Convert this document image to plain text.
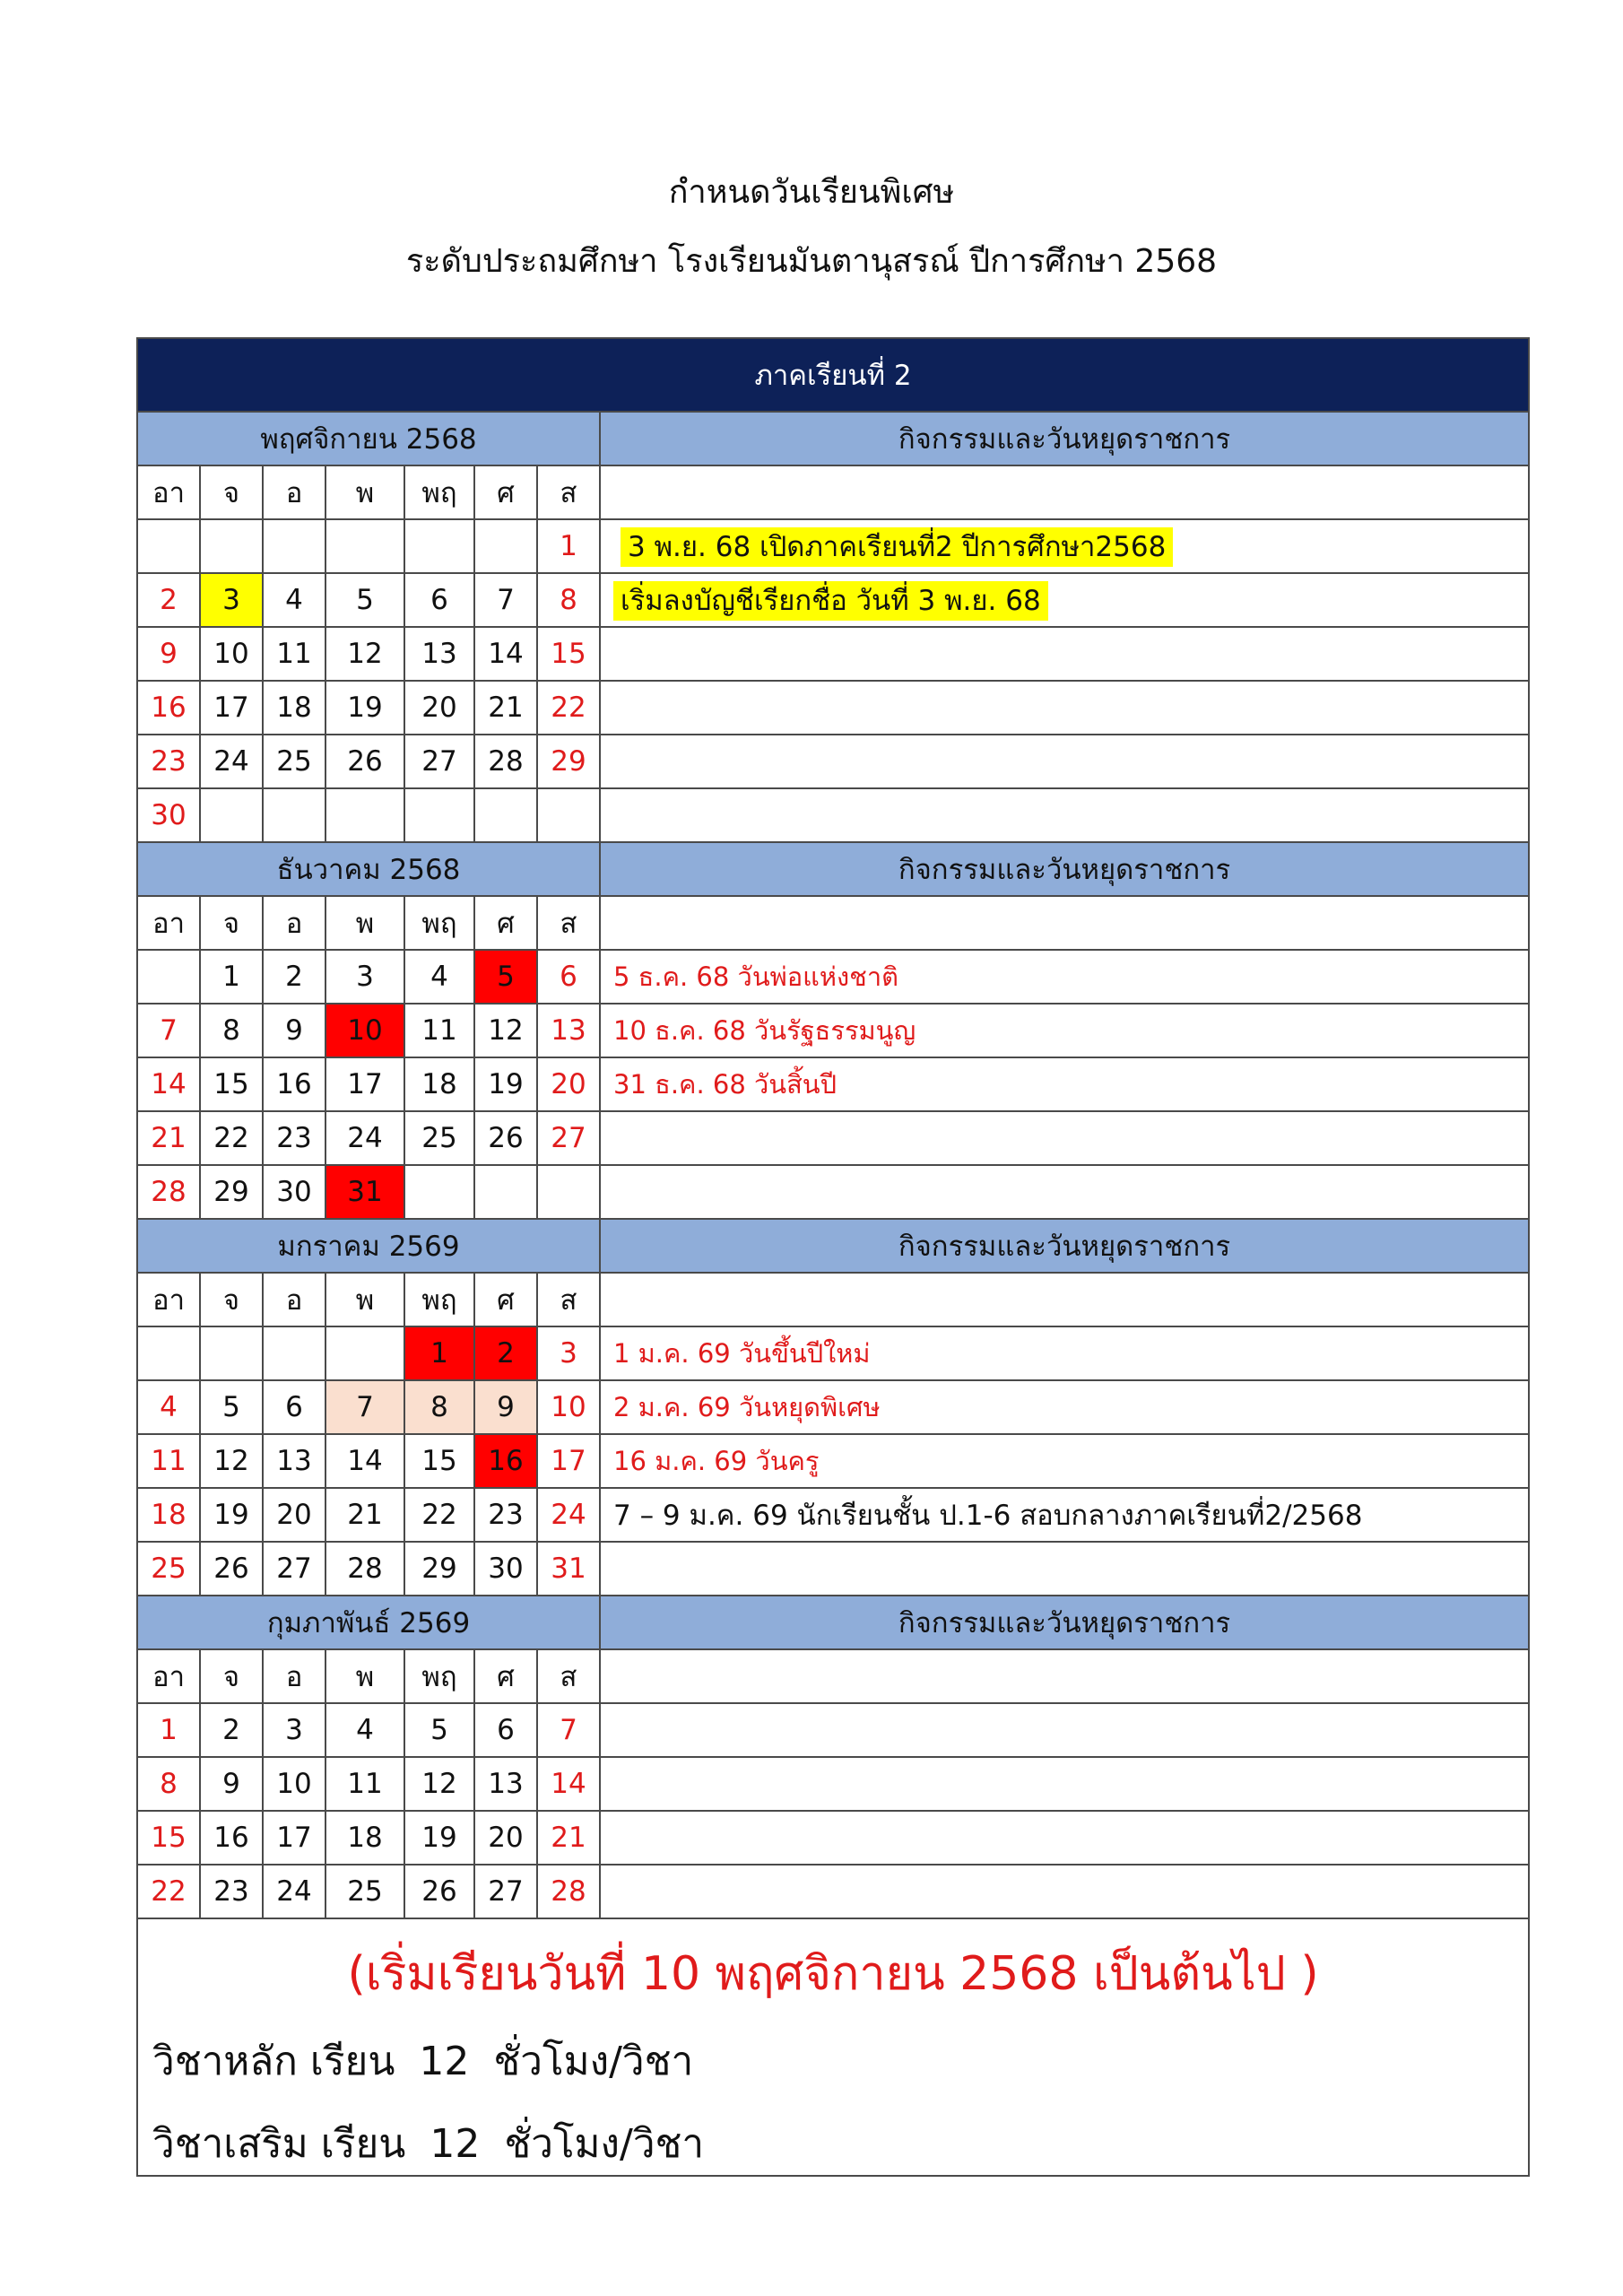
กำหนดวันเรียนพิเศษ
ระดับประถมศึกษา โรงเรียนมันตานุสรณ์ ปีการศึกษา 2568
ภาคเรียนที่ 2							
พฤศจิกายน 2568							กิจกรรมและวันหยุดราชการ
อา	จ	อ	พ	พฤ	ศ	ส	
						1	3 พ.ย. 68 เปิดภาคเรียนที่2 ปีการศึกษา2568
2	3	4	5	6	7	8	เริ่มลงบัญชีเรียกชื่อ วันที่ 3 พ.ย. 68
9	10	11	12	13	14	15	
16	17	18	19	20	21	22	
23	24	25	26	27	28	29	
30							
ธันวาคม 2568							กิจกรรมและวันหยุดราชการ
อา	จ	อ	พ	พฤ	ศ	ส	
	1	2	3	4	5	6	5 ธ.ค. 68 วันพ่อแห่งชาติ
7	8	9	10	11	12	13	10 ธ.ค. 68 วันรัฐธรรมนูญ
14	15	16	17	18	19	20	31 ธ.ค. 68 วันสิ้นปี
21	22	23	24	25	26	27	
28	29	30	31				
มกราคม 2569							กิจกรรมและวันหยุดราชการ
อา	จ	อ	พ	พฤ	ศ	ส	
				1	2	3	1 ม.ค. 69 วันขึ้นปีใหม่
4	5	6	7	8	9	10	2 ม.ค. 69 วันหยุดพิเศษ
11	12	13	14	15	16	17	16 ม.ค. 69 วันครู
18	19	20	21	22	23	24	7 – 9 ม.ค. 69 นักเรียนชั้น ป.1-6 สอบกลางภาคเรียนที่2/2568
25	26	27	28	29	30	31	
กุมภาพันธ์ 2569							กิจกรรมและวันหยุดราชการ
อา	จ	อ	พ	พฤ	ศ	ส	
1	2	3	4	5	6	7	
8	9	10	11	12	13	14	
15	16	17	18	19	20	21	
22	23	24	25	26	27	28	

(เริ่มเรียนวันที่ 10 พฤศจิกายน 2568 เป็นต้นไป )
วิชาหลัก เรียน 12 ชั่วโมง/วิชา
วิชาเสริม เรียน 12 ชั่วโมง/วิชา							
